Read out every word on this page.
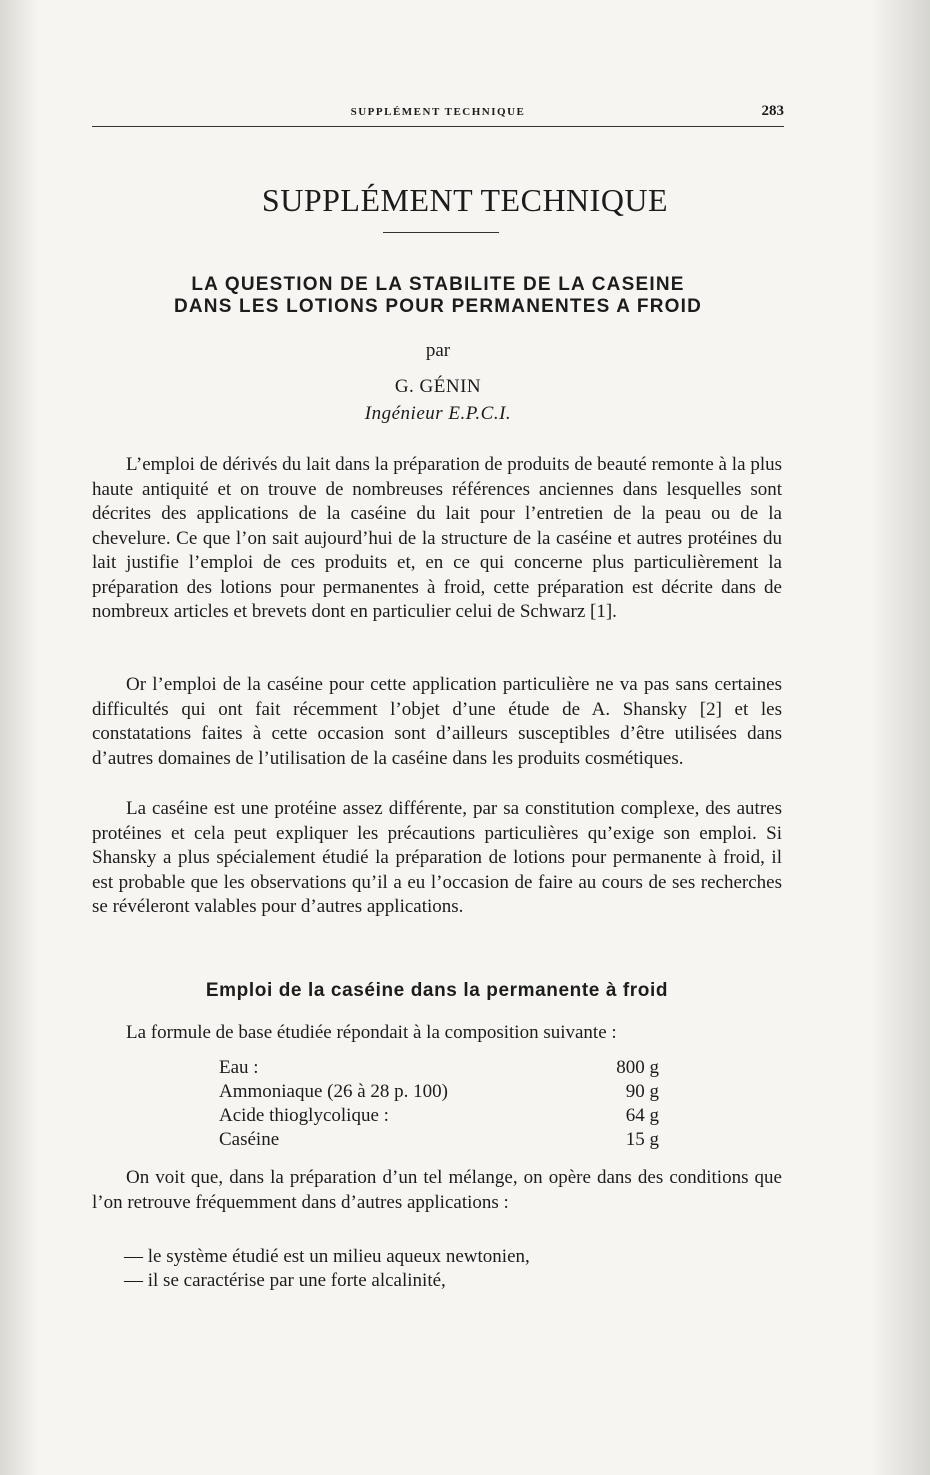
SUPPLÉMENT TECHNIQUE	283
SUPPLÉMENT TECHNIQUE
LA QUESTION DE LA STABILITE DE LA CASEINE
DANS LES LOTIONS POUR PERMANENTES A FROID
par
G. GÉNIN
Ingénieur E.P.C.I.

L’emploi de dérivés du lait dans la préparation de produits de beauté remonte à la plus haute antiquité et on trouve de nombreuses références anciennes dans lesquelles sont décrites des applications de la caséine du lait pour l’entretien de la peau ou de la chevelure. Ce que l’on sait aujourd’hui de la structure de la caséine et autres protéines du lait justifie l’emploi de ces produits et, en ce qui concerne plus particulièrement la préparation des lotions pour permanentes à froid, cette préparation est décrite dans de nombreux articles et brevets dont en particulier celui de Schwarz [1].

Or l’emploi de la caséine pour cette application particulière ne va pas sans certaines difficultés qui ont fait récemment l’objet d’une étude de A. Shansky [2] et les constatations faites à cette occasion sont d’ailleurs susceptibles d’être utilisées dans d’autres domaines de l’utilisation de la caséine dans les produits cosmétiques.

La caséine est une protéine assez différente, par sa constitution complexe, des autres protéines et cela peut expliquer les précautions particulières qu’exige son emploi. Si Shansky a plus spécialement étudié la préparation de lotions pour permanente à froid, il est probable que les observations qu’il a eu l’occasion de faire au cours de ses recherches se révéleront valables pour d’autres applications.

Emploi de la caséine dans la permanente à froid

La formule de base étudiée répondait à la composition suivante :

Eau :	800 g
Ammoniaque (26 à 28 p. 100)	90 g
Acide thioglycolique :	64 g
Caséine	15 g

On voit que, dans la préparation d’un tel mélange, on opère dans des conditions que l’on retrouve fréquemment dans d’autres applications :

— le système étudié est un milieu aqueux newtonien,
— il se caractérise par une forte alcalinité,
